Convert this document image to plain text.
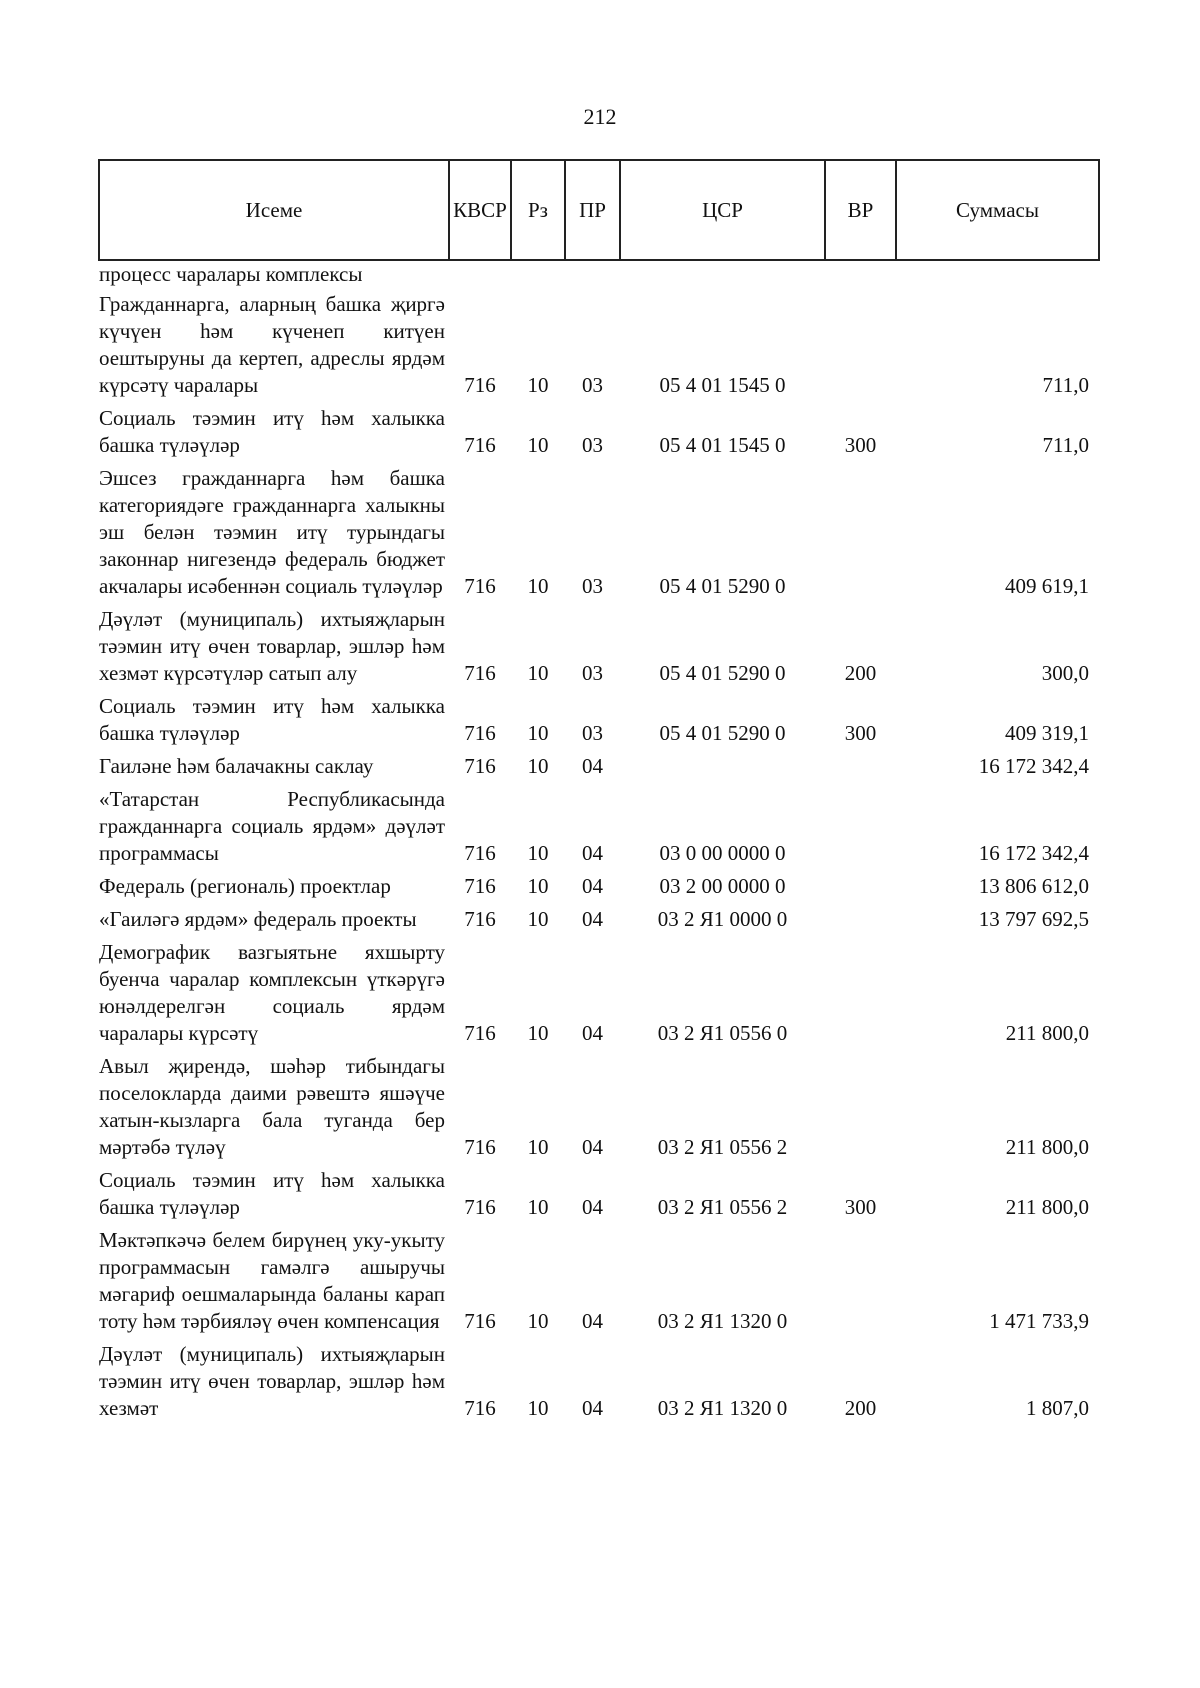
212
Исеме	КВСР	Рз	ПР	ЦСР	ВР	Суммасы
процесс чаралары комплексы						
Гражданнарга, аларның башка җиргә күчүен һәм күченеп китүен оештыруны да кертеп, адреслы ярдәм күрсәтү чаралары	716	10	03	05 4 01 1545 0		711,0
Социаль тәэмин итү һәм халыкка башка түләүләр	716	10	03	05 4 01 1545 0	300	711,0
Эшсез гражданнарга һәм башка категориядәге гражданнарга халыкны эш белән тәэмин итү турындагы законнар нигезендә федераль бюджет акчалары исәбеннән социаль түләүләр	716	10	03	05 4 01 5290 0		409 619,1
Дәүләт (муниципаль) ихтыяҗларын тәэмин итү өчен товарлар, эшләр һәм хезмәт күрсәтүләр сатып алу	716	10	03	05 4 01 5290 0	200	300,0
Социаль тәэмин итү һәм халыкка башка түләүләр	716	10	03	05 4 01 5290 0	300	409 319,1
Гаиләне һәм балачакны саклау	716	10	04			16 172 342,4
«Татарстан Республикасында гражданнарга социаль ярдәм» дәүләт программасы	716	10	04	03 0 00 0000 0		16 172 342,4
Федераль (региональ) проектлар	716	10	04	03 2 00 0000 0		13 806 612,0
«Гаиләгә ярдәм» федераль проекты	716	10	04	03 2 Я1 0000 0		13 797 692,5
Демографик вазгыятьне яхшырту буенча чаралар комплексын үткәрүгә юнәлдерелгән социаль ярдәм чаралары күрсәтү	716	10	04	03 2 Я1 0556 0		211 800,0
Авыл җирендә, шәһәр тибындагы поселокларда даими рәвештә яшәүче хатын-кызларга бала туганда бер мәртәбә түләү	716	10	04	03 2 Я1 0556 2		211 800,0
Социаль тәэмин итү һәм халыкка башка түләүләр	716	10	04	03 2 Я1 0556 2	300	211 800,0
Мәктәпкәчә белем бирүнең уку-укыту программасын гамәлгә ашыручы мәгариф оешмаларында баланы карап тоту һәм тәрбияләү өчен компенсация	716	10	04	03 2 Я1 1320 0		1 471 733,9
Дәүләт (муниципаль) ихтыяҗларын тәэмин итү өчен товарлар, эшләр һәм хезмәт	716	10	04	03 2 Я1 1320 0	200	1 807,0
